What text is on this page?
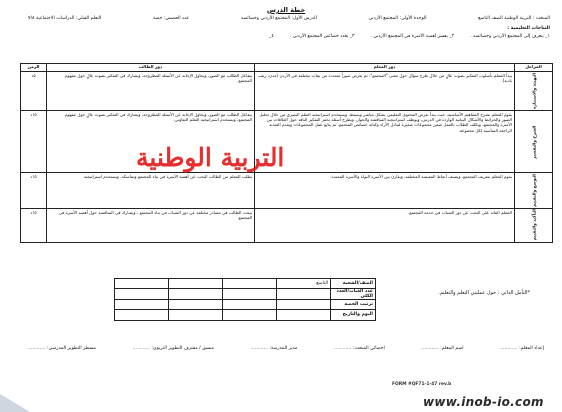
خطة الدرس
المبحث : التربية الوطنية الصف التاسع
الوحدة الأولى: المجتمع الأردني
الدرس الأول: المجتمع الأردني وخصائصه
عدد الحصص: حصة
التعلم القبلي: الدراسات الاجتماعية ٧/٨
النتاجات التعليمية :
١_ يتعرف إلى المجتمع الأردني وخصائصه .
٢_ يفسر أهمية الأسرة في المجتمع الأردني .
٣_ يعدد خصائص المجتمع الأردني .
٤_
المراحل	دور المعلم	دور الطالب	الزمن
التهيئة والاستثارة	يبدأ المعلم بأسلوب التفكير بصوت عالٍ من خلال طرح سؤال حول معنى "المجتمع"، ثم يعرض صوراً متعددة من بيئات مختلفة في الأردن (مدن، ريف، بادية).	يتفاعل الطالب مع الصور، ويحاول الإجابة عن الأسئلة المطروحة، ويشارك في التفكير بصوت عالٍ حول مفهوم المجتمع.	٥د
الشرح والتفسير	يقوم المعلم بشرح المفاهيم الأساسية، حيث يبدأ بعرض المحتوى التعليمي بشكل مباشر وبسيط، ويستخدم استراتيجية التعلم البصري من خلال تحليل الصور والخرائط والأشكال البيانية الواردة في الدرس، ويوظف استراتيجية المناقشة والحوار، ويطرح أسئلة تحفز التفكير الناقد حول العلاقات بين الأسرة والمجتمع، ويكلف الطلاب بالعمل ضمن مجموعات صغيرة لتبادل الآراء وكتابة خصائص المجتمع، ثم يتابع عمل المجموعات ويقدم التغذية الراجعة المناسبة لكل مجموعة.	يتفاعل الطالب مع الصور، ويحاول الإجابة عن الأسئلة المطروحة، ويشارك في التفكير بصوت عالٍ حول مفهوم المجتمع، ويستخدم استراتيجية التعلم التعاوني.	١٥د
التوسع والتقييم	يقوم المعلم بتعريف المجتمع، ويصنف أنماط المعيشة المختلفة، ويقارن بين الأسرة النواة والأسرة الممتدة.	يطلب المعلم من الطالب البحث عن أهمية الأسرة في بناء المجتمع وتماسكه، ويستخدم استراتيجية	١٥د
التأكيد والتقييم	المعلم القائد على البحث عن دور الشباب في خدمة المجتمع.	يبحث الطالب في مصادر مختلفة عن دور الشباب في بناء المجتمع ، ويشارك في المناقشة حول أهمية الأسرة في المجتمع.	١٥د
الصف/الشعبة	التاسع			
عدد الغياب/العدد الكلي				
ترتيب الحصة				
اليوم والتاريخ				
*التأمل الذاتي : حول عمليتي التعلم والتعليم.
إعداد المعلم: ............
اسم المعلم: ............
اخصائي المبحث: ............
مدير المدرسة: ............
منسق / مشرف التطوير التربوي: ............
مسطر التطوير المدرسي: ............
FORM #QF71-1-47 rev.b
التربية الوطنية
www.inob-io.com
